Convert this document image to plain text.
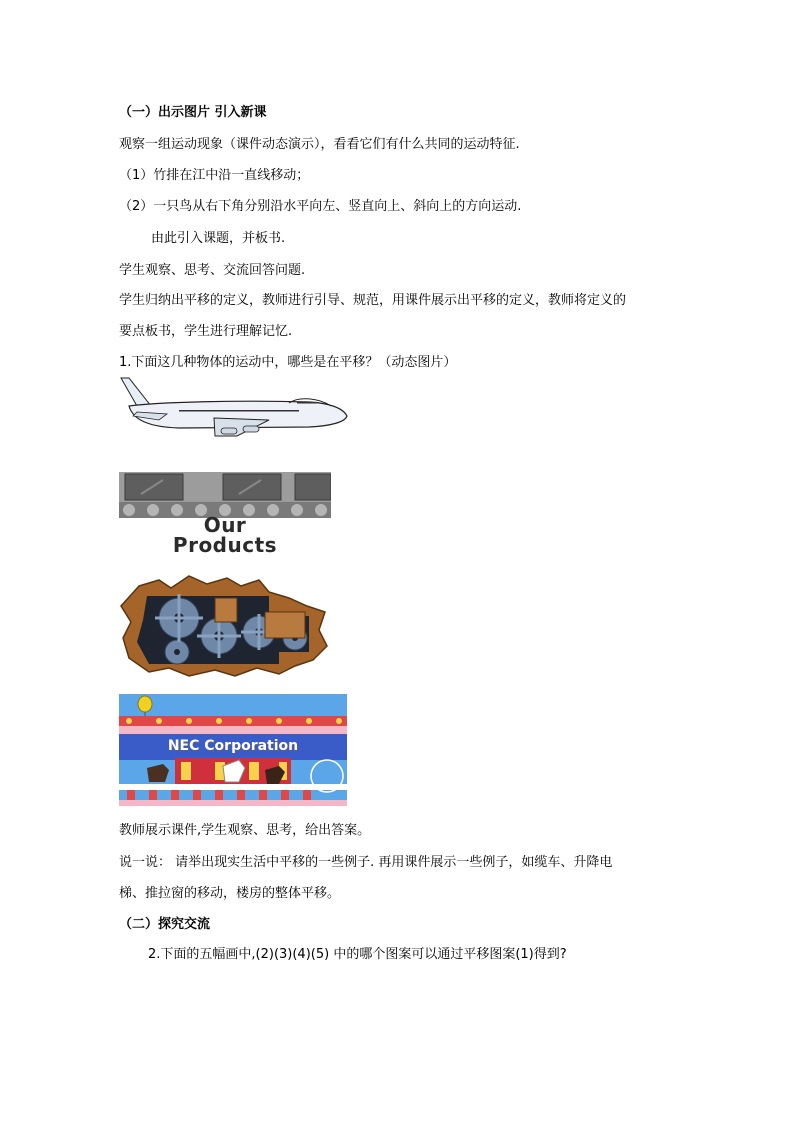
（一）出示图片 引入新课
观察一组运动现象（课件动态演示），看看它们有什么共同的运动特征.
（1）竹排在江中沿一直线移动；
（2）一只鸟从右下角分别沿水平向左、竖直向上、斜向上的方向运动.
由此引入课题，并板书.
学生观察、思考、交流回答问题.
学生归纳出平移的定义，教师进行引导、规范，用课件展示出平移的定义，教师将定义的
要点板书，学生进行理解记忆.
1.下面这几种物体的运动中，哪些是在平移？（动态图片）
Our
Products
NEC Corporation
教师展示课件,学生观察、思考，给出答案。
说一说： 请举出现实生活中平移的一些例子. 再用课件展示一些例子，如缆车、升降电
梯、推拉窗的移动，楼房的整体平移。
（二）探究交流
2.下面的五幅画中,(2)(3)(4)(5) 中的哪个图案可以通过平移图案(1)得到?
